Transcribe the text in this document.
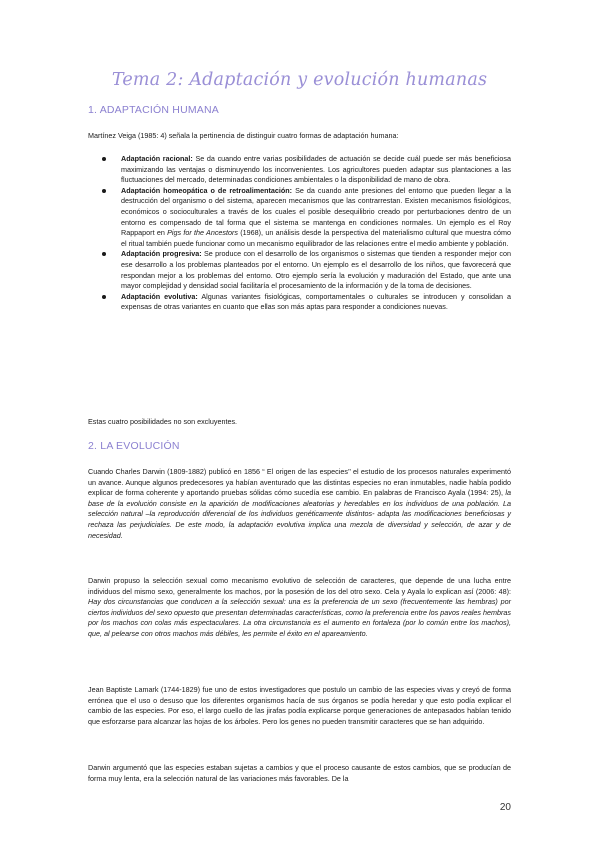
Tema 2: Adaptación y evolución humanas
1. ADAPTACIÓN HUMANA
Martínez Veiga (1985: 4) señala la pertinencia de distinguir cuatro formas de adaptación humana:
Adaptación racional: Se da cuando entre varias posibilidades de actuación se decide cuál puede ser más beneficiosa maximizando las ventajas o disminuyendo los inconvenientes. Los agricultores pueden adaptar sus plantaciones a las fluctuaciones del mercado, determinadas condiciones ambientales o la disponibilidad de mano de obra.
Adaptación homeopática o de retroalimentación: Se da cuando ante presiones del entorno que pueden llegar a la destrucción del organismo o del sistema, aparecen mecanismos que las contrarrestan. Existen mecanismos fisiológicos, económicos o socioculturales a través de los cuales el posible desequilibrio creado por perturbaciones dentro de un entorno es compensado de tal forma que el sistema se mantenga en condiciones normales. Un ejemplo es el Roy Rappaport en Pigs for the Ancestors (1968), un análisis desde la perspectiva del materialismo cultural que muestra cómo el ritual también puede funcionar como un mecanismo equilibrador de las relaciones entre el medio ambiente y población.
Adaptación progresiva: Se produce con el desarrollo de los organismos o sistemas que tienden a responder mejor con ese desarrollo a los problemas planteados por el entorno. Un ejemplo es el desarrollo de los niños, que favorecerá que respondan mejor a los problemas del entorno. Otro ejemplo sería la evolución y maduración del Estado, que ante una mayor complejidad y densidad social facilitaría el procesamiento de la información y de la toma de decisiones.
Adaptación evolutiva: Algunas variantes fisiológicas, comportamentales o culturales se introducen y consolidan a expensas de otras variantes en cuanto que ellas son más aptas para responder a condiciones nuevas.
Estas cuatro posibilidades no son excluyentes.
2. LA EVOLUCIÓN
Cuando Charles Darwin (1809-1882) publicó en 1856 “ El origen de las especies’’ el estudio de los procesos naturales experimentó un avance. Aunque algunos predecesores ya habían aventurado que las distintas especies no eran inmutables, nadie había podido explicar de forma coherente y aportando pruebas sólidas cómo sucedía ese cambio. En palabras de Francisco Ayala (1994: 25), la base de la evolución consiste en la aparición de modificaciones aleatorias y heredables en los individuos de una población. La selección natural –la reproducción diferencial de los individuos genéticamente distintos- adapta las modificaciones beneficiosas y rechaza las perjudiciales. De este modo, la adaptación evolutiva implica una mezcla de diversidad y selección, de azar y de necesidad.
Darwin propuso la selección sexual como mecanismo evolutivo de selección de caracteres, que depende de una lucha entre individuos del mismo sexo, generalmente los machos, por la posesión de los del otro sexo. Cela y Ayala lo explican así (2006: 48): Hay dos circunstancias que conducen a la selección sexual: una es la preferencia de un sexo (frecuentemente las hembras) por ciertos individuos del sexo opuesto que presentan determinadas características, como la preferencia entre los pavos reales hembras por los machos con colas más espectaculares. La otra circunstancia es el aumento en fortaleza (por lo común entre los machos), que, al pelearse con otros machos más débiles, les permite el éxito en el apareamiento.
Jean Baptiste Lamark (1744-1829) fue uno de estos investigadores que postulo un cambio de las especies vivas y creyó de forma errónea que el uso o desuso que los diferentes organismos hacía de sus órganos se podía heredar y que esto podía explicar el cambio de las especies. Por eso, el largo cuello de las jirafas podía explicarse porque generaciones de antepasados habían tenido que esforzarse para alcanzar las hojas de los árboles. Pero los genes no pueden transmitir caracteres que se han adquirido.
Darwin argumentó que las especies estaban sujetas a cambios y que el proceso causante de estos cambios, que se producían de forma muy lenta, era la selección natural de las variaciones más favorables. De la
20
